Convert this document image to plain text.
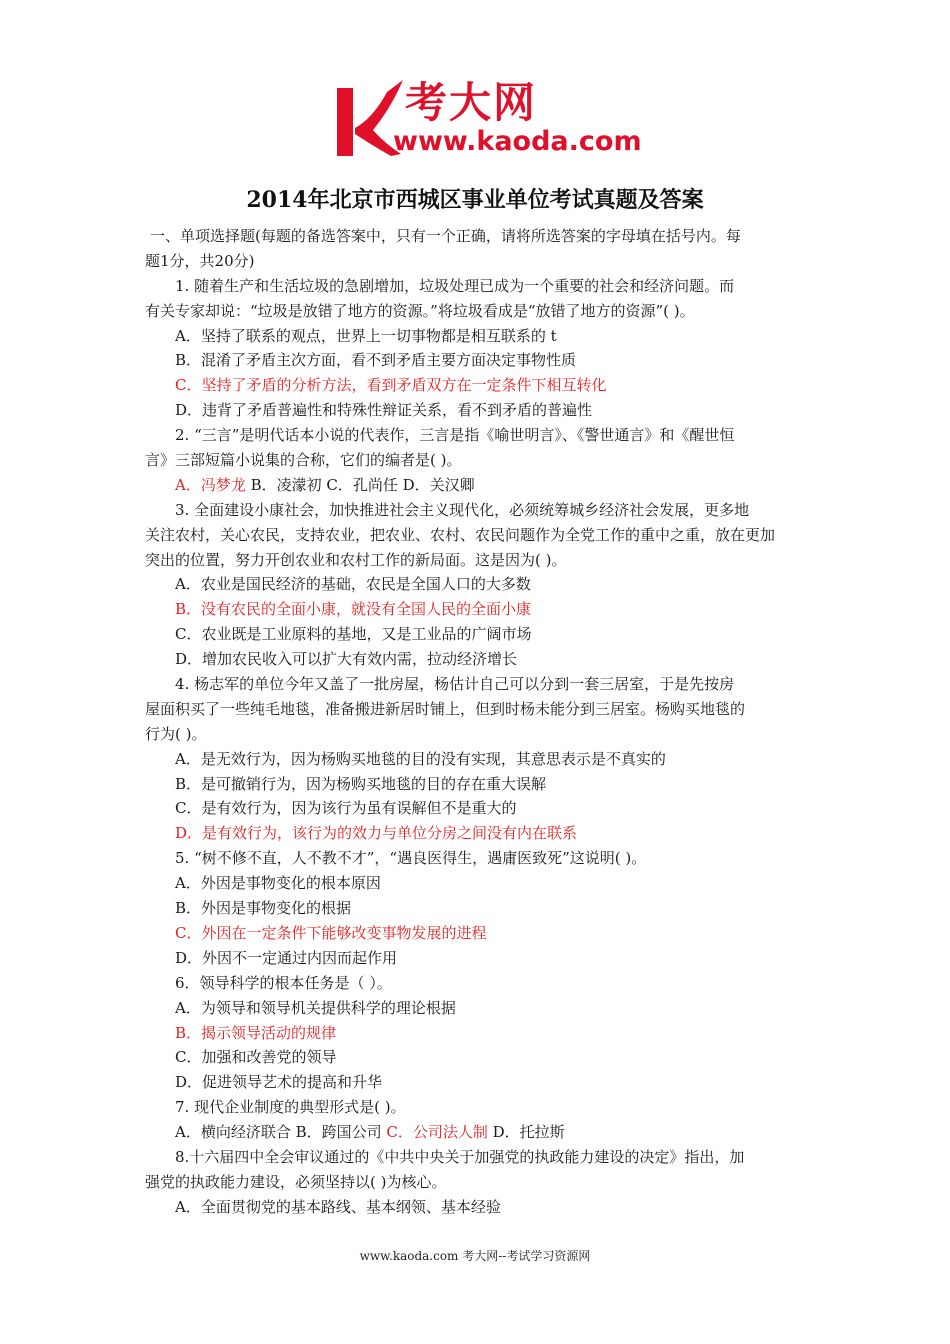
考大网
www.kaoda.com
2014年北京市西城区事业单位考试真题及答案
一、单项选择题(每题的备选答案中，只有一个正确，请将所选答案的字母填在括号内。每
题1分，共20分)
1. 随着生产和生活垃圾的急剧增加，垃圾处理已成为一个重要的社会和经济问题。而
有关专家却说：“垃圾是放错了地方的资源。”将垃圾看成是“放错了地方的资源”( )。
A．坚持了联系的观点，世界上一切事物都是相互联系的 t
B．混淆了矛盾主次方面，看不到矛盾主要方面决定事物性质
C．坚持了矛盾的分析方法，看到矛盾双方在一定条件下相互转化
D．违背了矛盾普遍性和特殊性辩证关系，看不到矛盾的普遍性
2. “三言”是明代话本小说的代表作，三言是指《喻世明言》、《警世通言》和《醒世恒
言》三部短篇小说集的合称，它们的编者是( )。
A．冯梦龙 B．凌濛初 C．孔尚任 D．关汉卿
3. 全面建设小康社会，加快推进社会主义现代化，必须统筹城乡经济社会发展，更多地
关注农村，关心农民，支持农业，把农业、农村、农民问题作为全党工作的重中之重，放在更加
突出的位置，努力开创农业和农村工作的新局面。这是因为( )。
A．农业是国民经济的基础，农民是全国人口的大多数
B．没有农民的全面小康，就没有全国人民的全面小康
C．农业既是工业原料的基地，又是工业品的广阔市场
D．增加农民收入可以扩大有效内需，拉动经济增长
4. 杨志军的单位今年又盖了一批房屋，杨估计自己可以分到一套三居室，于是先按房
屋面积买了一些纯毛地毯，准备搬进新居时铺上，但到时杨未能分到三居室。杨购买地毯的
行为( )。
A．是无效行为，因为杨购买地毯的目的没有实现，其意思表示是不真实的
B．是可撤销行为，因为杨购买地毯的目的存在重大误解
C．是有效行为，因为该行为虽有误解但不是重大的
D．是有效行为，该行为的效力与单位分房之间没有内在联系
5. “树不修不直，人不教不才”，“遇良医得生，遇庸医致死”这说明( )。
A．外因是事物变化的根本原因
B．外因是事物变化的根据
C．外因在一定条件下能够改变事物发展的进程
D．外因不一定通过内因而起作用
6．领导科学的根本任务是（ ）。
A．为领导和领导机关提供科学的理论根据
B．揭示领导活动的规律
C．加强和改善党的领导
D．促进领导艺术的提高和升华
7. 现代企业制度的典型形式是( )。
A．横向经济联合 B．跨国公司 C．公司法人制 D．托拉斯
8.十六届四中全会审议通过的《中共中央关于加强党的执政能力建设的决定》指出，加
强党的执政能力建设，必须坚持以( )为核心。
A．全面贯彻党的基本路线、基本纲领、基本经验
www.kaoda.com 考大网--考试学习资源网
